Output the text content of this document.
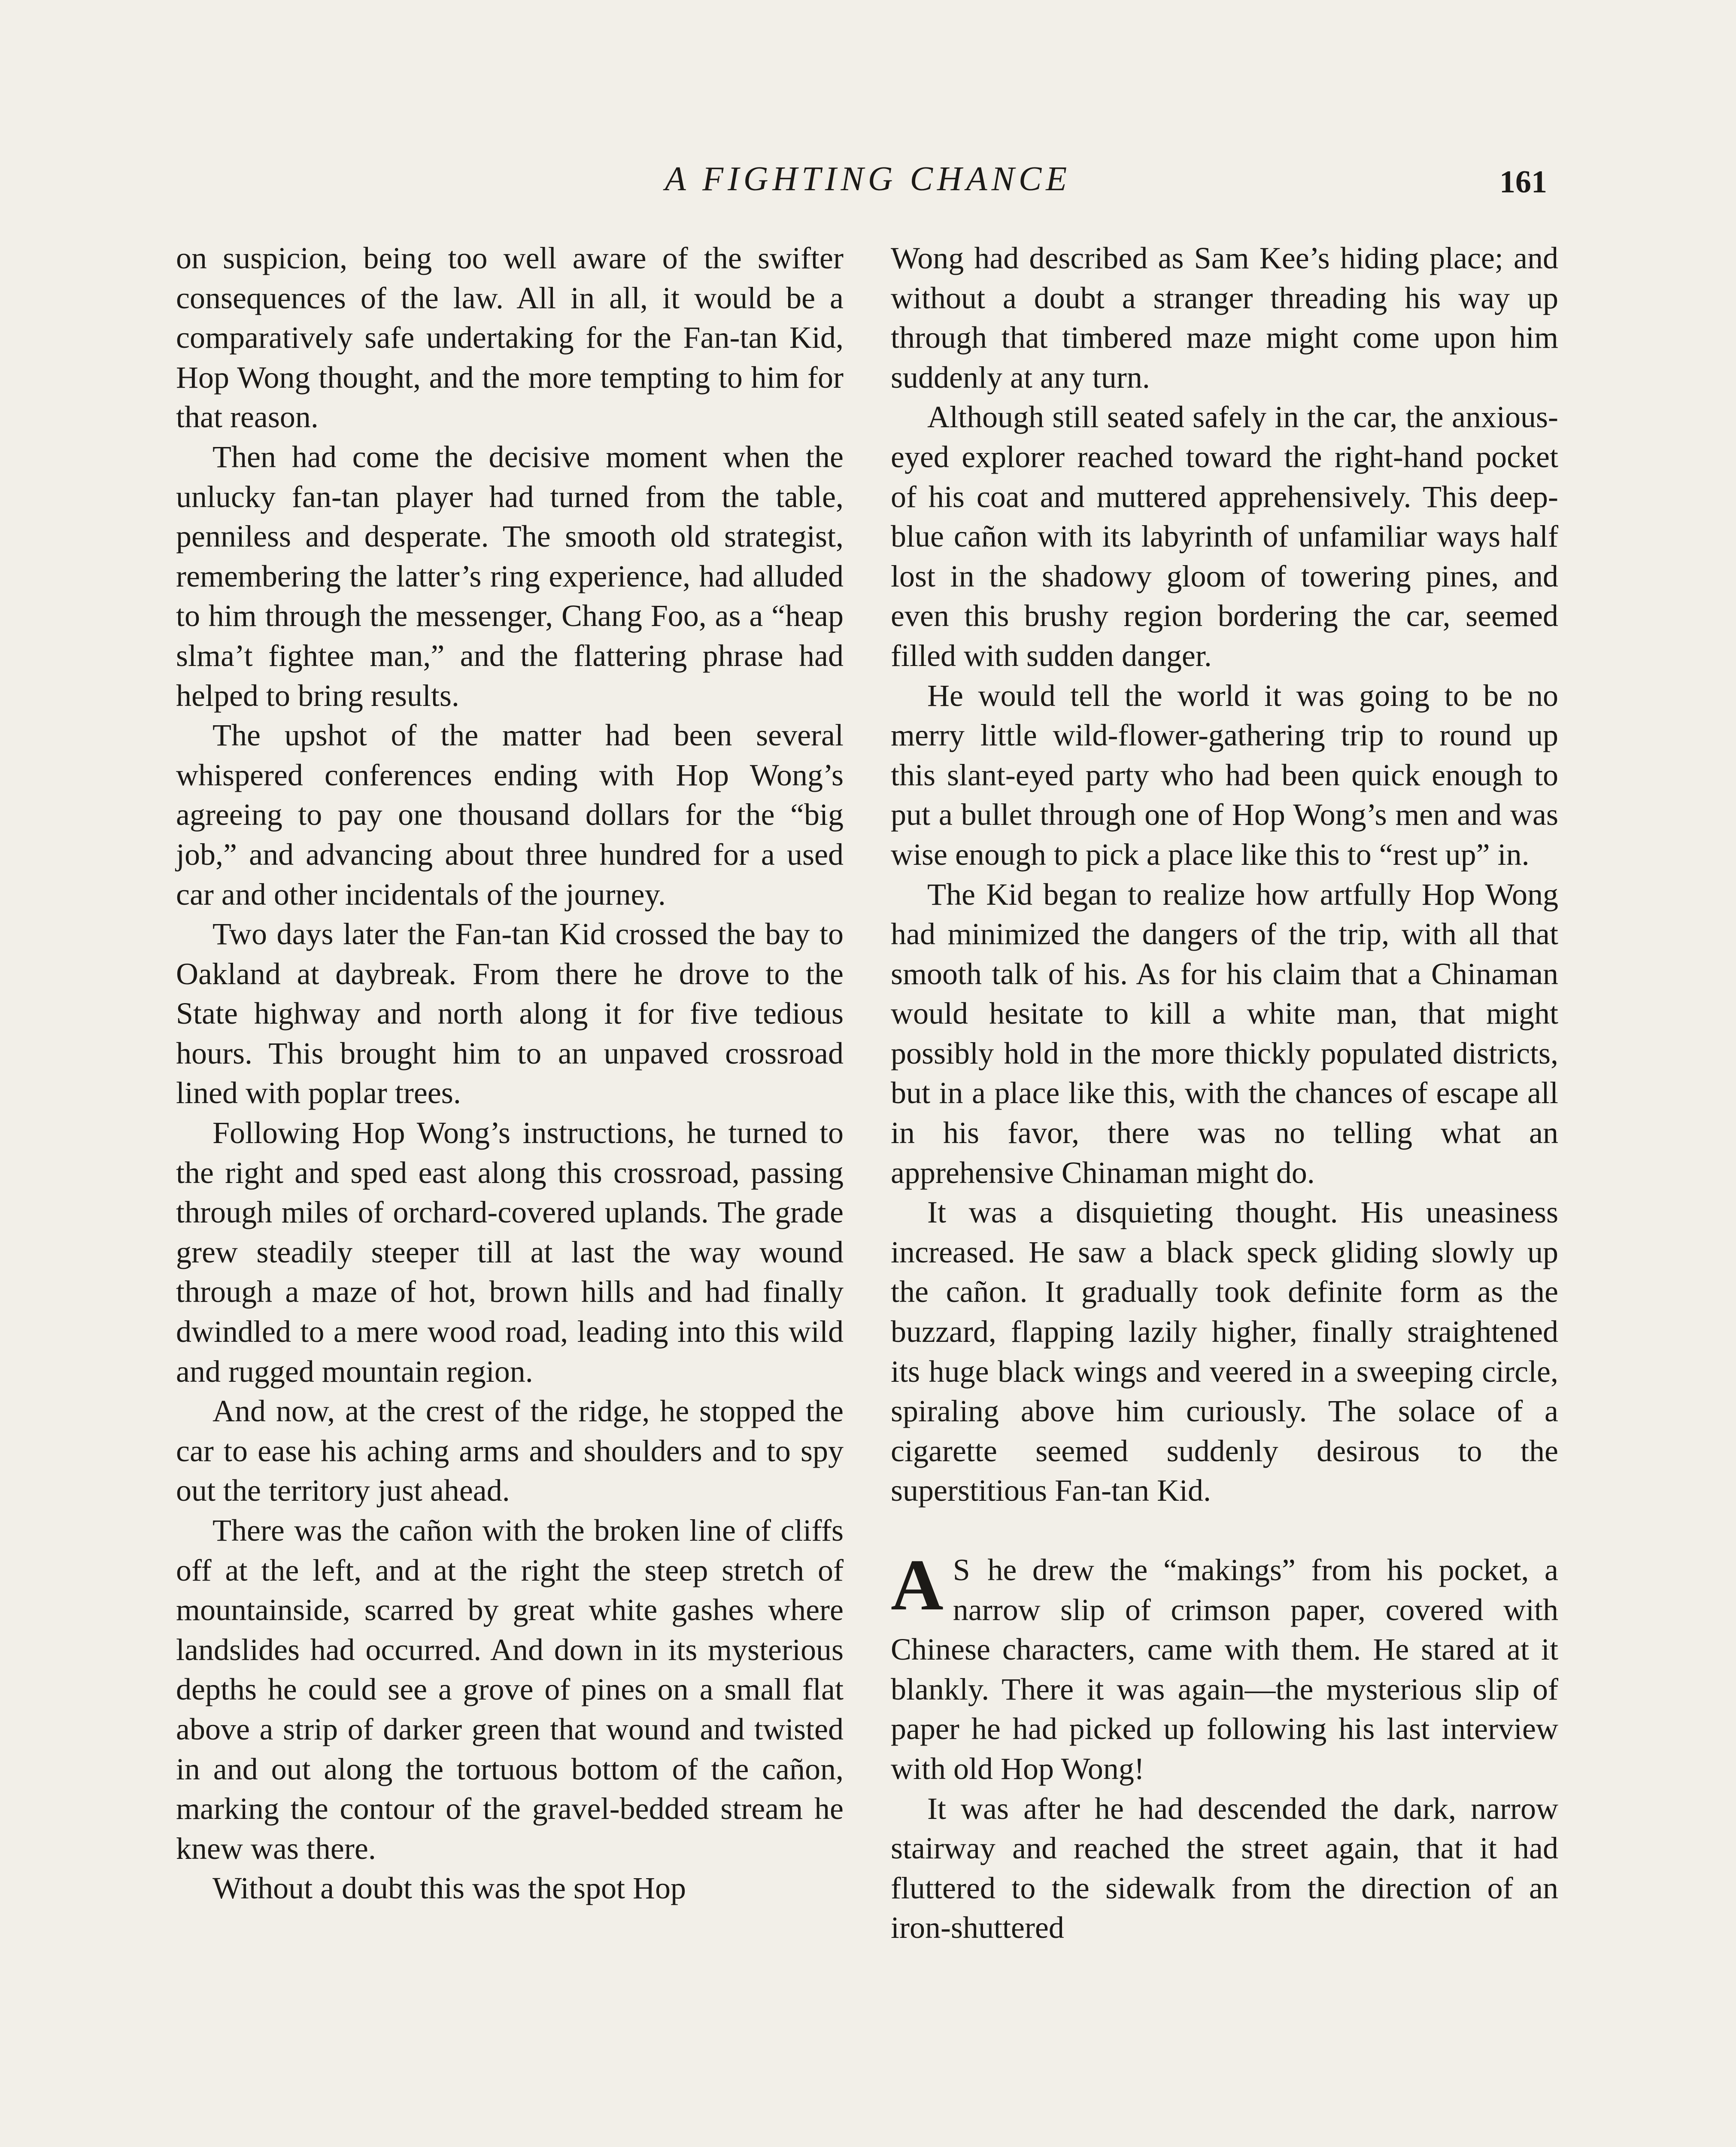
A FIGHTING CHANCE	161

on suspicion, being too well aware of the swifter consequences of the law. All in all, it would be a comparatively safe undertaking for the Fan-tan Kid, Hop Wong thought, and the more tempting to him for that reason.

Then had come the decisive moment when the unlucky fan-tan player had turned from the table, penniless and desperate. The smooth old strategist, remembering the latter’s ring experience, had alluded to him through the messenger, Chang Foo, as a “heap slma’t fightee man,” and the flattering phrase had helped to bring results.

The upshot of the matter had been several whispered conferences ending with Hop Wong’s agreeing to pay one thousand dollars for the “big job,” and advancing about three hundred for a used car and other incidentals of the journey.

Two days later the Fan-tan Kid crossed the bay to Oakland at daybreak. From there he drove to the State highway and north along it for five tedious hours. This brought him to an unpaved crossroad lined with poplar trees.

Following Hop Wong’s instructions, he turned to the right and sped east along this crossroad, passing through miles of orchard-covered uplands. The grade grew steadily steeper till at last the way wound through a maze of hot, brown hills and had finally dwindled to a mere wood road, leading into this wild and rugged mountain region.

And now, at the crest of the ridge, he stopped the car to ease his aching arms and shoulders and to spy out the territory just ahead.

There was the cañon with the broken line of cliffs off at the left, and at the right the steep stretch of mountainside, scarred by great white gashes where landslides had occurred. And down in its mysterious depths he could see a grove of pines on a small flat above a strip of darker green that wound and twisted in and out along the tortuous bottom of the cañon, marking the contour of the gravel-bedded stream he knew was there.

Without a doubt this was the spot Hop

Wong had described as Sam Kee’s hiding place; and without a doubt a stranger threading his way up through that timbered maze might come upon him suddenly at any turn.

Although still seated safely in the car, the anxious-eyed explorer reached toward the right-hand pocket of his coat and muttered apprehensively. This deep-blue cañon with its labyrinth of unfamiliar ways half lost in the shadowy gloom of towering pines, and even this brushy region bordering the car, seemed filled with sudden danger.

He would tell the world it was going to be no merry little wild-flower-gathering trip to round up this slant-eyed party who had been quick enough to put a bullet through one of Hop Wong’s men and was wise enough to pick a place like this to “rest up” in.

The Kid began to realize how artfully Hop Wong had minimized the dangers of the trip, with all that smooth talk of his. As for his claim that a Chinaman would hesitate to kill a white man, that might possibly hold in the more thickly populated districts, but in a place like this, with the chances of escape all in his favor, there was no telling what an apprehensive Chinaman might do.

It was a disquieting thought. His uneasiness increased. He saw a black speck gliding slowly up the cañon. It gradually took definite form as the buzzard, flapping lazily higher, finally straightened its huge black wings and veered in a sweeping circle, spiraling above him curiously. The solace of a cigarette seemed suddenly desirous to the superstitious Fan-tan Kid.

A S he drew the “makings” from his pocket, a narrow slip of crimson paper, covered with Chinese characters, came with them. He stared at it blankly. There it was again—the mysterious slip of paper he had picked up following his last interview with old Hop Wong!

It was after he had descended the dark, narrow stairway and reached the street again, that it had fluttered to the sidewalk from the direction of an iron-shuttered
